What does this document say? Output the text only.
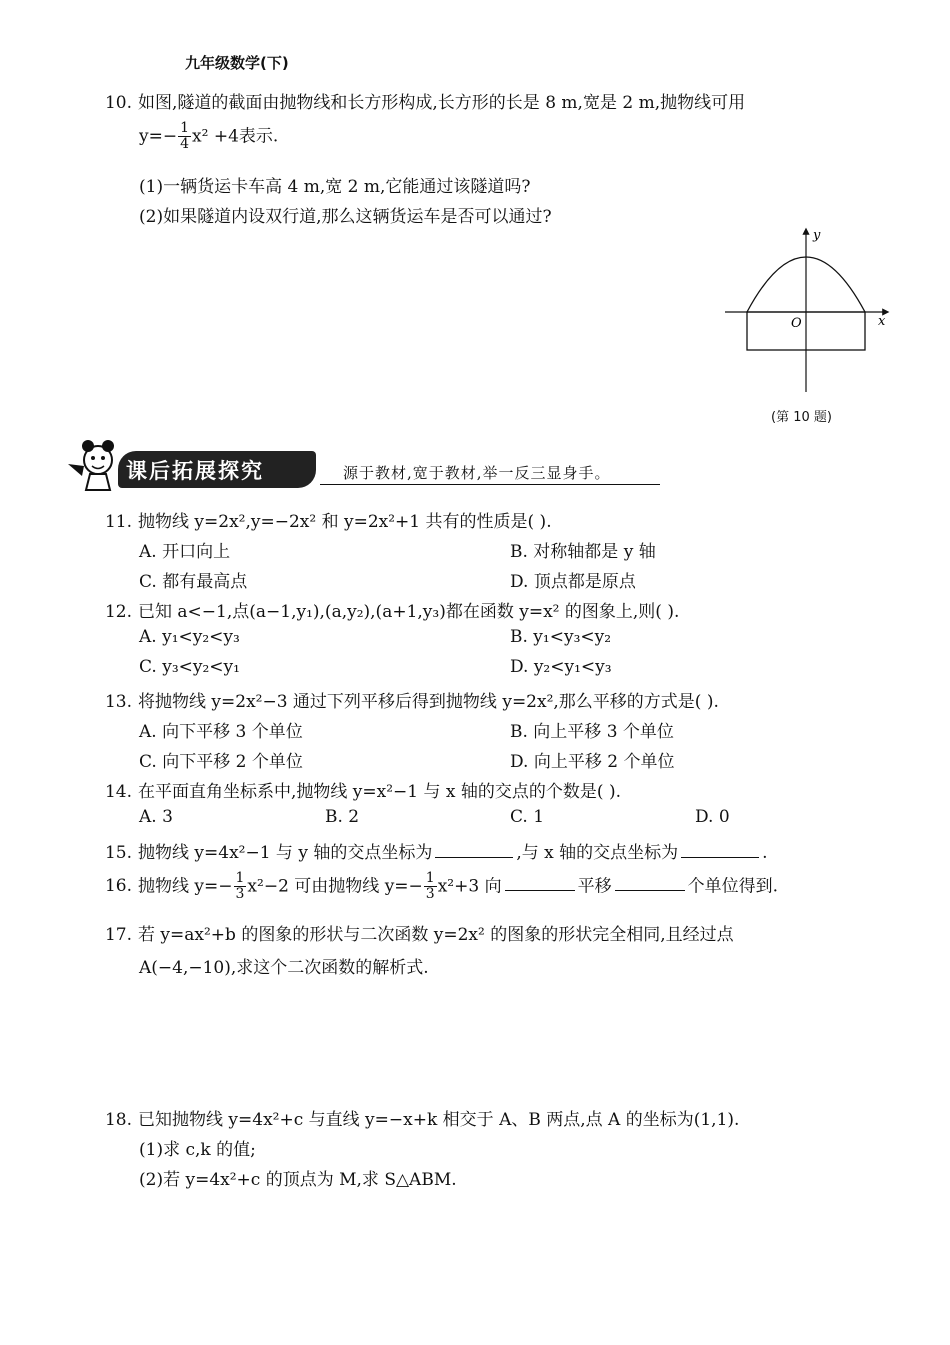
九年级数学(下)
10. 如图,隧道的截面由抛物线和长方形构成,长方形的长是 8 m,宽是 2 m,抛物线可用
$y=- \frac{1}{4} x^2 +4$表示.
(1)一辆货运卡车高 4 m,宽 2 m,它能通过该隧道吗?
(2)如果隧道内设双行道,那么这辆货运车是否可以通过?
y
x
O
(第 10 题)
课后拓展探究	源于教材,宽于教材,举一反三显身手。
11. 抛物线 y=2x²,y=−2x² 和 y=2x²+1 共有的性质是( ).
A. 开口向上	B. 对称轴都是 y 轴
C. 都有最高点	D. 顶点都是原点
12. 已知 a<−1,点(a−1,y₁),(a,y₂),(a+1,y₃)都在函数 y=x² 的图象上,则( ).
A. y₁<y₂<y₃	B. y₁<y₃<y₂
C. y₃<y₂<y₁	D. y₂<y₁<y₃
13. 将抛物线 y=2x²−3 通过下列平移后得到抛物线 y=2x²,那么平移的方式是( ).
A. 向下平移 3 个单位	B. 向上平移 3 个单位
C. 向下平移 2 个单位	D. 向上平移 2 个单位
14. 在平面直角坐标系中,抛物线 y=x²−1 与 x 轴的交点的个数是( ).
A. 3	B. 2	C. 1	D. 0
15. 抛物线 y=4x²−1 与 y 轴的交点坐标为	,与 x 轴的交点坐标为	.
16. 抛物线 $y=- \frac{1}{3} x^2-2$ 可由抛物线 $y=- \frac{1}{3} x^2+3$ 向	平移	个单位得到.
17. 若 y=ax²+b 的图象的形状与二次函数 y=2x² 的图象的形状完全相同,且经过点
A(−4,−10),求这个二次函数的解析式.
18. 已知抛物线 y=4x²+c 与直线 y=−x+k 相交于 A、B 两点,点 A 的坐标为(1,1).
(1)求 c,k 的值;
(2)若 y=4x²+c 的顶点为 M,求 S△ABM.
